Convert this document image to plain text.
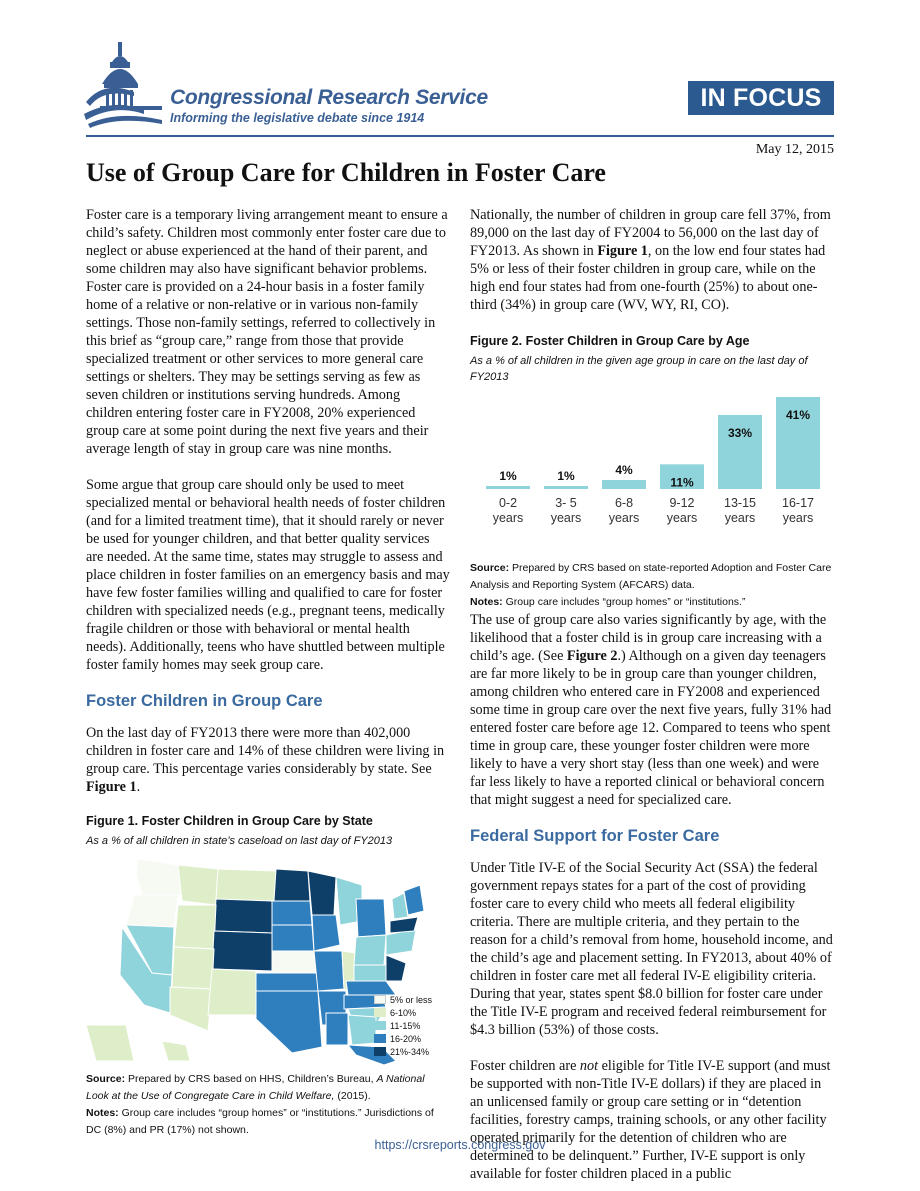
Congressional Research Service
Informing the legislative debate since 1914
IN FOCUS
May 12, 2015
Use of Group Care for Children in Foster Care

Foster care is a temporary living arrangement meant to ensure a child’s safety. Children most commonly enter foster care due to neglect or abuse experienced at the hand of their parent, and some children may also have significant behavior problems. Foster care is provided on a 24-hour basis in a foster family home of a relative or non-relative or in various non-family settings. Those non-family settings, referred to collectively in this brief as “group care,” range from those that provide specialized treatment or other services to more general care settings or shelters. They may be settings serving as few as seven children or institutions serving hundreds. Among children entering foster care in FY2008, 20% experienced group care at some point during the next five years and their average length of stay in group care was nine months.

Some argue that group care should only be used to meet specialized mental or behavioral health needs of foster children (and for a limited treatment time), that it should rarely or never be used for younger children, and that better quality services are needed. At the same time, states may struggle to assess and place children in foster families on an emergency basis and may have few foster families willing and qualified to care for foster children with specialized needs (e.g., pregnant teens, medically fragile children or those with behavioral or mental health needs). Additionally, teens who have shuttled between multiple foster family homes may seek group care.

Foster Children in Group Care

On the last day of FY2013 there were more than 402,000 children in foster care and 14% of these children were living in group care. This percentage varies considerably by state. See Figure 1.

Figure 1. Foster Children in Group Care by State
As a % of all children in state’s caseload on last day of FY2013
5% or less
6-10%
11-15%
16-20%
21%-34%
Source: Prepared by CRS based on HHS, Children’s Bureau, A National Look at the Use of Congregate Care in Child Welfare, (2015).
Notes: Group care includes “group homes” or “institutions.” Jurisdictions of DC (8%) and PR (17%) not shown.

Nationally, the number of children in group care fell 37%, from 89,000 on the last day of FY2004 to 56,000 on the last day of FY2013. As shown in Figure 1, on the low end four states had 5% or less of their foster children in group care, while on the high end four states had from one-fourth (25%) to about one-third (34%) in group care (WV, WY, RI, CO).

Figure 2. Foster Children in Group Care by Age
As a % of all children in the given age group in care on the last day of FY2013
1%
0-2
years
1%
3- 5
years
4%
6-8
years
11%
9-12
years
33%
13-15
years
41%
16-17
years
Source: Prepared by CRS based on state-reported Adoption and Foster Care Analysis and Reporting System (AFCARS) data.
Notes: Group care includes “group homes” or “institutions.”

The use of group care also varies significantly by age, with the likelihood that a foster child is in group care increasing with a child’s age. (See Figure 2.) Although on a given day teenagers are far more likely to be in group care than younger children, among children who entered care in FY2008 and experienced some time in group care over the next five years, fully 31% had entered foster care before age 12. Compared to teens who spent time in group care, these younger foster children were more likely to have a very short stay (less than one week) and were far less likely to have a reported clinical or behavioral concern that might suggest a need for specialized care.

Federal Support for Foster Care

Under Title IV-E of the Social Security Act (SSA) the federal government repays states for a part of the cost of providing foster care to every child who meets all federal eligibility criteria. There are multiple criteria, and they pertain to the reason for a child’s removal from home, household income, and the child’s age and placement setting. In FY2013, about 40% of children in foster care met all federal IV-E eligibility criteria. During that year, states spent $8.0 billion for foster care under the Title IV-E program and received federal reimbursement for $4.3 billion (53%) of those costs.

Foster children are not eligible for Title IV-E support (and must be supported with non-Title IV-E dollars) if they are placed in an unlicensed family or group care setting or in “detention facilities, forestry camps, training schools, or any other facility operated primarily for the detention of children who are determined to be delinquent.” Further, IV-E support is only available for foster children placed in a public

https://crsreports.congress.gov
